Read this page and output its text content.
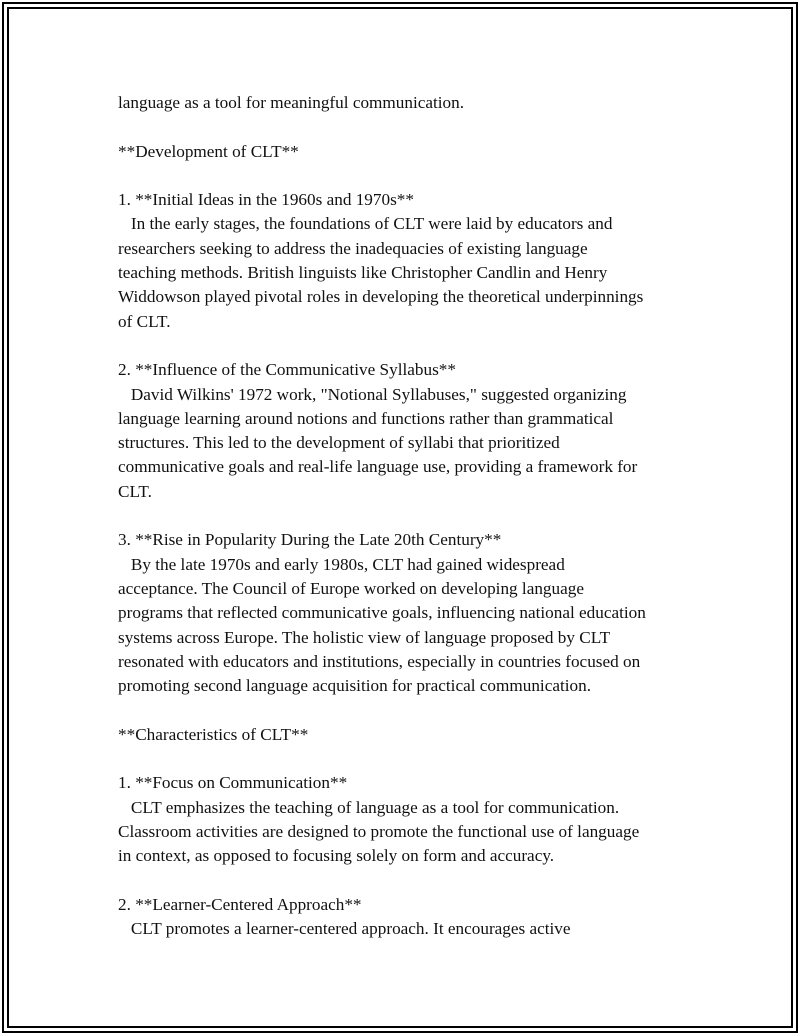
language as a tool for meaningful communication.
**Development of CLT**
1. **Initial Ideas in the 1960s and 1970s**
In the early stages, the foundations of CLT were laid by educators and
researchers seeking to address the inadequacies of existing language
teaching methods. British linguists like Christopher Candlin and Henry
Widdowson played pivotal roles in developing the theoretical underpinnings
of CLT.
2. **Influence of the Communicative Syllabus**
David Wilkins' 1972 work, "Notional Syllabuses," suggested organizing
language learning around notions and functions rather than grammatical
structures. This led to the development of syllabi that prioritized
communicative goals and real-life language use, providing a framework for
CLT.
3. **Rise in Popularity During the Late 20th Century**
By the late 1970s and early 1980s, CLT had gained widespread
acceptance. The Council of Europe worked on developing language
programs that reflected communicative goals, influencing national education
systems across Europe. The holistic view of language proposed by CLT
resonated with educators and institutions, especially in countries focused on
promoting second language acquisition for practical communication.
**Characteristics of CLT**
1. **Focus on Communication**
CLT emphasizes the teaching of language as a tool for communication.
Classroom activities are designed to promote the functional use of language
in context, as opposed to focusing solely on form and accuracy.
2. **Learner-Centered Approach**
CLT promotes a learner-centered approach. It encourages active
